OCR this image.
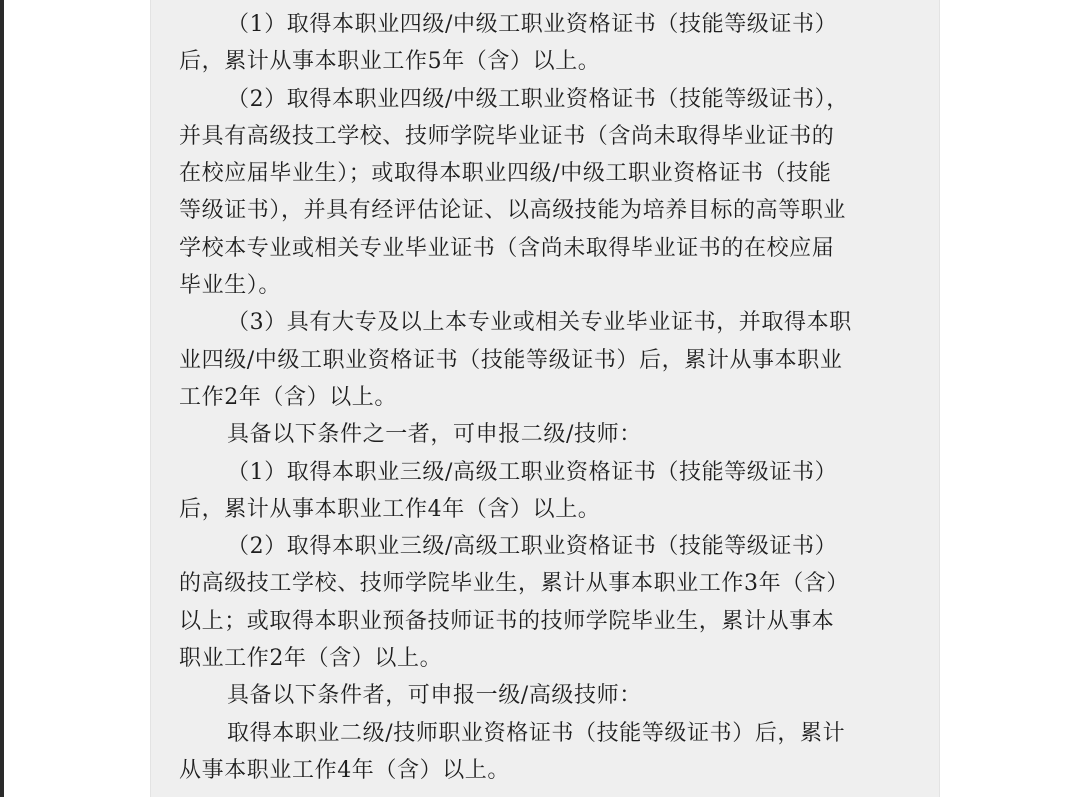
（1）取得本职业四级/中级工职业资格证书（技能等级证书）
后，累计从事本职业工作5年（含）以上。
（2）取得本职业四级/中级工职业资格证书（技能等级证书），
并具有高级技工学校、技师学院毕业证书（含尚未取得毕业证书的
在校应届毕业生）；或取得本职业四级/中级工职业资格证书（技能
等级证书），并具有经评估论证、以高级技能为培养目标的高等职业
学校本专业或相关专业毕业证书（含尚未取得毕业证书的在校应届
毕业生）。
（3）具有大专及以上本专业或相关专业毕业证书，并取得本职
业四级/中级工职业资格证书（技能等级证书）后，累计从事本职业
工作2年（含）以上。
具备以下条件之一者，可申报二级/技师：
（1）取得本职业三级/高级工职业资格证书（技能等级证书）
后，累计从事本职业工作4年（含）以上。
（2）取得本职业三级/高级工职业资格证书（技能等级证书）
的高级技工学校、技师学院毕业生，累计从事本职业工作3年（含）
以上；或取得本职业预备技师证书的技师学院毕业生，累计从事本
职业工作2年（含）以上。
具备以下条件者，可申报一级/高级技师：
取得本职业二级/技师职业资格证书（技能等级证书）后，累计
从事本职业工作4年（含）以上。
